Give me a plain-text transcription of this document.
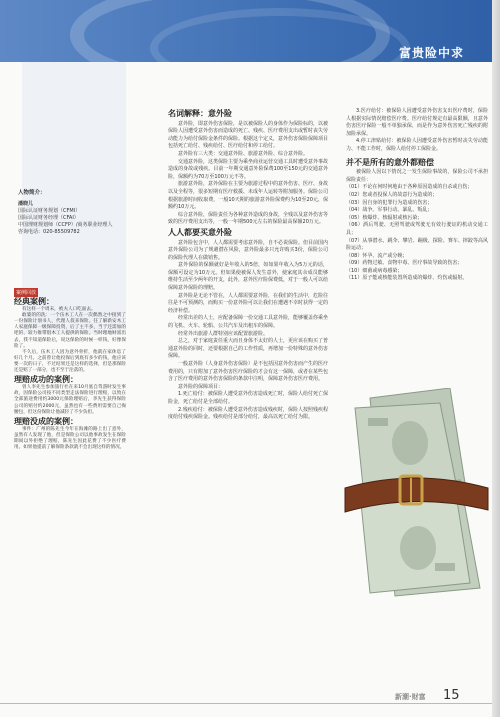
富贵险中求
人物简介：
潘晓儿
国际认证财务规划（CFMI）
国际认证财务经理（CFAI）
中国理财规划师（CCFP）/商务职业经理人
咨询电话：020-85509782
案例回放
经典案例：

有这样一个周末，被夫人口吃面去。

敢婆的的洗：一个伍木工人在一次偶然之中接到了一份保险计划书人，代理人叔来保险。任了解新安木工人家庭保障一级保障投资，后了主不多，当于还需加的吧的，较力推带倡木工人提供的保险。当时理地财富出去，我不知道保险后，说这保险的时候一样钱，好像保险了。

不久后，伍木工人因为意外骨折，他就在家休息了好几个月。之前曾让他投保后到底有多少的钱，他应该要一次的日子，不过结果还是这样的选择，但是那保险还是赔了一部分，也不至于沦落的。

理赔成功的案例：

曾人李先生参加旅行社在来10月底自驾游时发生事故，因保险公司按不同类型走法保险进行理赔，以致在全部旅途费用约3000元保险理赔后，李先生获得保险公司的赔付约2000元，虽然也有一些费用需要自己掏腰包，但这份保险让他减轻了不少负担。

理赔没成的案例：

事件：广州的陈先生今年在海滩的路上出了意外，虽然有人发现了他，但是保险公司以他事故发生在保险期间以外拒绝了理赔，陈先生因此花费了不少医疗费用。如果他提前了解保险条款就不会出现这样的情况。

名词解释：意外险

意外险，即意外伤害保险，是以被保险人的身体作为保险标的，以被保险人因遭受意外伤害而造成的死亡、残疾、医疗费用支出或暂时丧失劳动能力为给付保险金条件的保险。根据这个定义，意外伤害保险保障项目包括死亡给付、残疾给付、医疗给付和停工给付。

意外险有三大类：交通意外险、旅游意外险、综合意外险。

交通意外险，这类保险主要为乘坐商业运营交通工具时遭受意外事故造成的身故或残疾。目前一年期交通意外险保费100至150元的交通意外险，保额约为70万至100万元不等。

旅游意外险，意外保险在主要为旅游过程中的意外伤害、医疗、身故以及全程等，很多短期有医疗救援、未成年人运转等附加服务。保险公司根据旅游时间收取费，一般10天期的旅游意外险保费约为10至20元，保额约10万元。

综合意外险，保险责任为各种意外造成的身故，全残以及意外伤害等致的医疗费用支出等，一般一年期500元左右的保险最高保额20万元。

人人都要买意外险

意外险包含中，人人都需要考虑意外险，自不必说保险。但目前国内意外保险公司为了规避潜在风险，意外险最多只允许购买3份，保险公司的保险代理人在做销售。

意外保险的保额就好是年收入的5倍，如如果年收入为5万元的话，保额可设定为10万元。但如果使被保人发生意外，使家庭其余成员能够维持生活至少两年的开支，此外，意外医疗险保费低，对于一般人可以给保障意外保险的理赔。

意外险是无论不管在，人人都需要意外险，在我们的生活中，危险往往是不可预测的，而购买一份意外险可以让我们在遭遇不幸时获得一定的经济补偿。

经常出差的人士，应配备保障一份交通工具意外险，能够覆盖你乘坐的飞机、火车、轮船、公共汽车及出租车的保障。

经常外出旅游人群特别应该配置旅游险。

总之，对于家庭责任重大而且身体不太好的人士，更应该在购买了普通意外险的同时，还要根据自己的工作性质，再增加一份特殊的意外伤害保障。

一般意外险（人身意外伤害保险）是不包括因意外伤害而产生的医疗费用的，只有附加了意外伤害医疗保险的才会有这一保障，或者在某些包含了医疗费用的意外伤害保险的条款中注明，保障意外伤害医疗费用。

意外险的保障项目：

1.死亡给付：被保险人遭受意外伤害造成死亡时，保险人给付死亡保险金，死亡给付是全部给付。

2.残疾给付：被保险人遭受意外伤害造成残疾时，保险人按照残疾程度给付残疾保险金。残疾给付是部分给付，最高以死亡给付为限。

3.医疗给付：被保险人因遭受意外伤害支出医疗费时，保险人根据实际情况赔偿医疗费。医疗给付规定有最高限额，且意外伤害医疗保险一般不单独承保，而是作为意外伤害死亡残疾的附加险承保。

4.停工津贴给付：被保险人因遭受意外伤害暂时丧失劳动能力、不能工作时，保险人给付停工保险金。

并不是所有的意外都赔偿

被保险人因以下情况之一发生保险事故的，保险公司不承担保险责任：

（01）不论在何时何地由于各种原因造成的自杀或自伤；

（02）您或者投保人的故意行为造成的；

（03）因自身的犯罪行为造成的伤害；

（04）战争、军事行动、暴乱、叛乱；

（05）核爆炸、核辐射或核污染；

（06）酒后驾驶、无照驾驶或驾驶无有效行驶证的机动交通工具；

（07）从事潜水、跳伞、攀岩、蹦极、探险、赛车、摔跤等高风险运动；

（08）怀孕、流产或分娩；

（09）药物过敏、食物中毒、医疗事故导致的伤害；

（10）细菌或病毒感染；

（11）原子能或核能装置所造成的爆炸、灼伤或辐射。

新潮·财富 15
